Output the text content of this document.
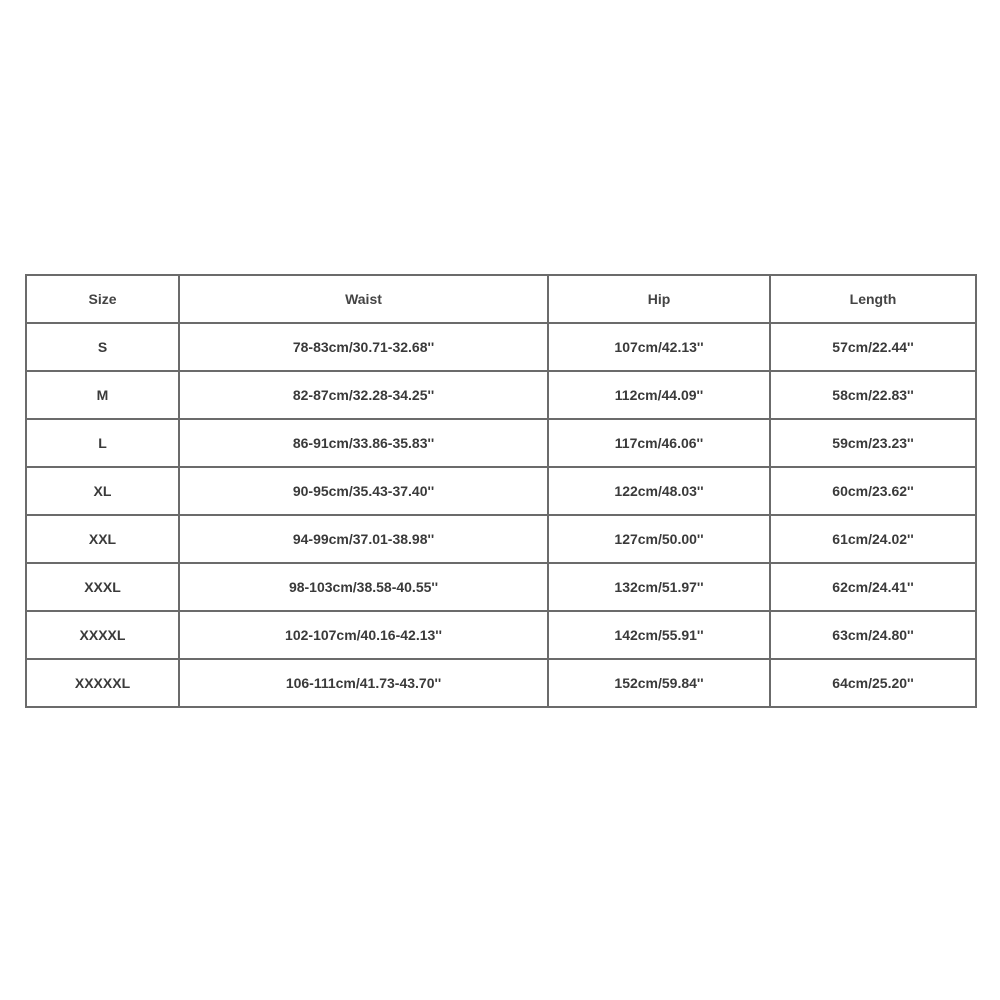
Size	Waist	Hip	Length
S	78-83cm/30.71-32.68''	107cm/42.13''	57cm/22.44''
M	82-87cm/32.28-34.25''	112cm/44.09''	58cm/22.83''
L	86-91cm/33.86-35.83''	117cm/46.06''	59cm/23.23''
XL	90-95cm/35.43-37.40''	122cm/48.03''	60cm/23.62''
XXL	94-99cm/37.01-38.98''	127cm/50.00''	61cm/24.02''
XXXL	98-103cm/38.58-40.55''	132cm/51.97''	62cm/24.41''
XXXXL	102-107cm/40.16-42.13''	142cm/55.91''	63cm/24.80''
XXXXXL	106-111cm/41.73-43.70''	152cm/59.84''	64cm/25.20''
